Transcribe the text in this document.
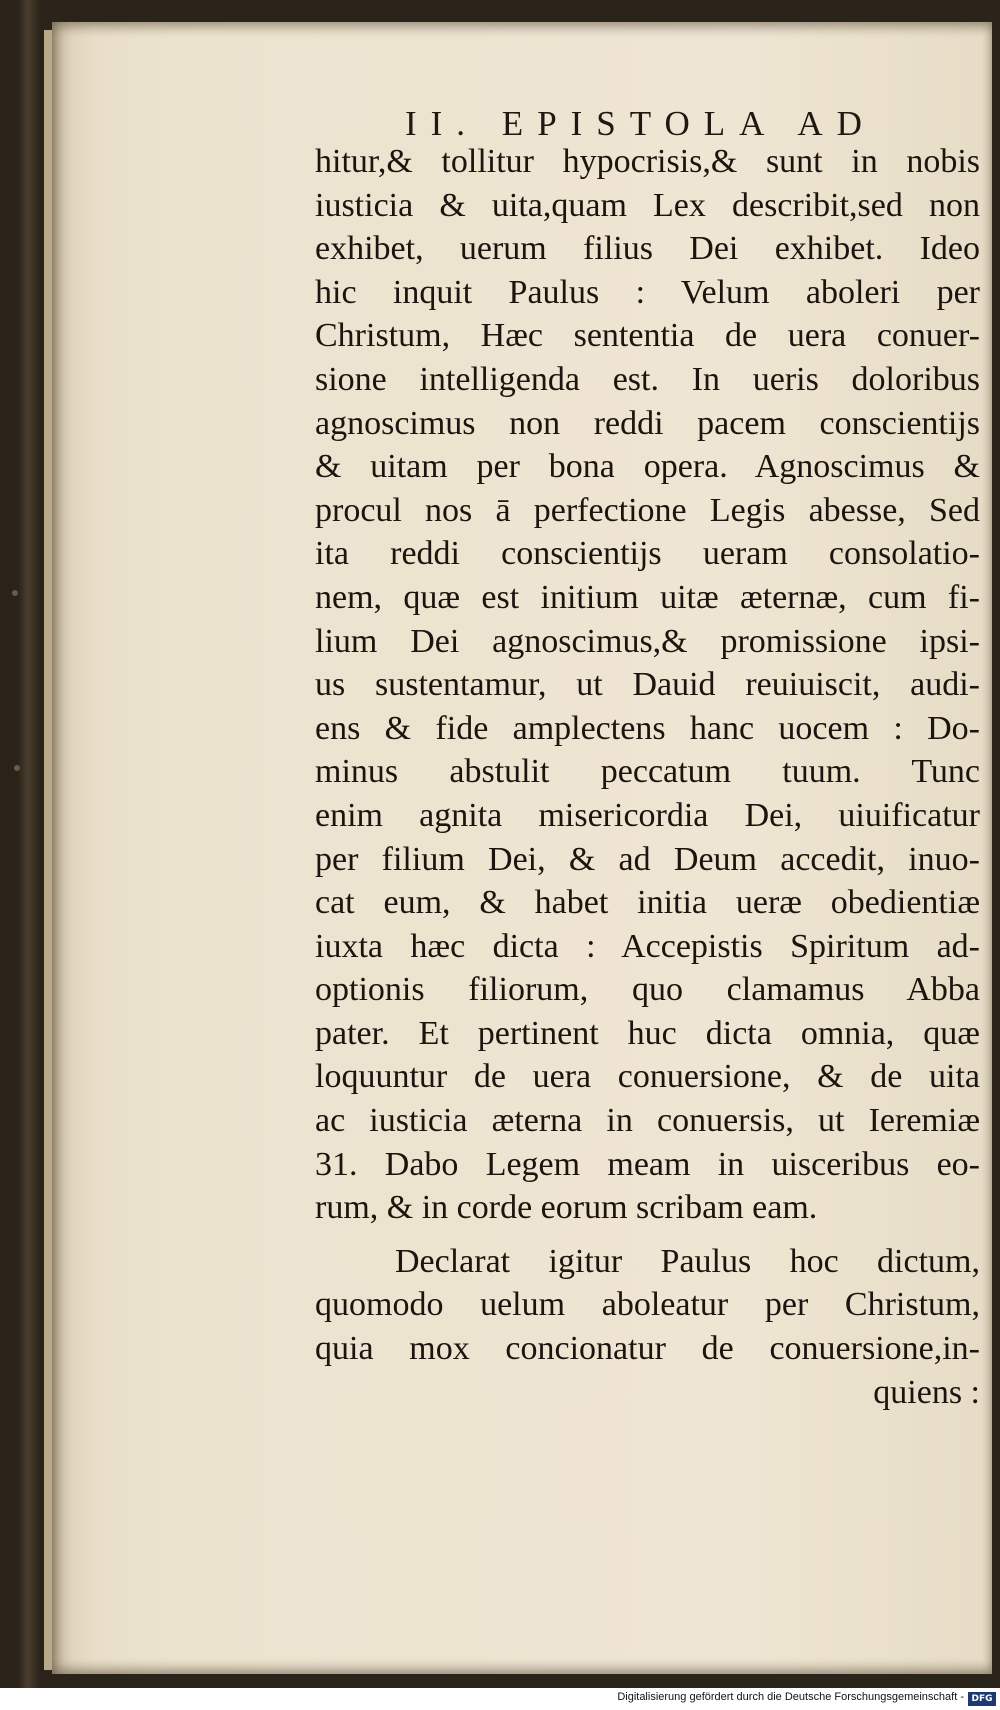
II. EPISTOLA AD
hitur,& tollitur hypocrisis,& sunt in nobis
iusticia & uita,quam Lex describit,sed non
exhibet, uerum filius Dei exhibet. Ideo
hic inquit Paulus : Velum aboleri per
Christum, Hæc sententia de uera conuer-
sione intelligenda est. In ueris doloribus
agnoscimus non reddi pacem conscientijs
& uitam per bona opera. Agnoscimus &
procul nos ā perfectione Legis abesse, Sed
ita reddi conscientijs ueram consolatio-
nem, quæ est initium uitæ æternæ, cum fi-
lium Dei agnoscimus,& promissione ipsi-
us sustentamur, ut Dauid reuiuiscit, audi-
ens & fide amplectens hanc uocem : Do-
minus abstulit peccatum tuum. Tunc
enim agnita misericordia Dei, uiuificatur
per filium Dei, & ad Deum accedit, inuo-
cat eum, & habet initia ueræ obedientiæ
iuxta hæc dicta : Accepistis Spiritum ad-
optionis filiorum, quo clamamus Abba
pater. Et pertinent huc dicta omnia, quæ
loquuntur de uera conuersione, & de uita
ac iusticia æterna in conuersis, ut Ieremiæ
31. Dabo Legem meam in uisceribus eo-
rum, & in corde eorum scribam eam.
Declarat igitur Paulus hoc dictum,
quomodo uelum aboleatur per Christum,
quia mox concionatur de conuersione,in-
quiens :
Digitalisierung gefördert durch die Deutsche Forschungsgemeinschaft - DFG
